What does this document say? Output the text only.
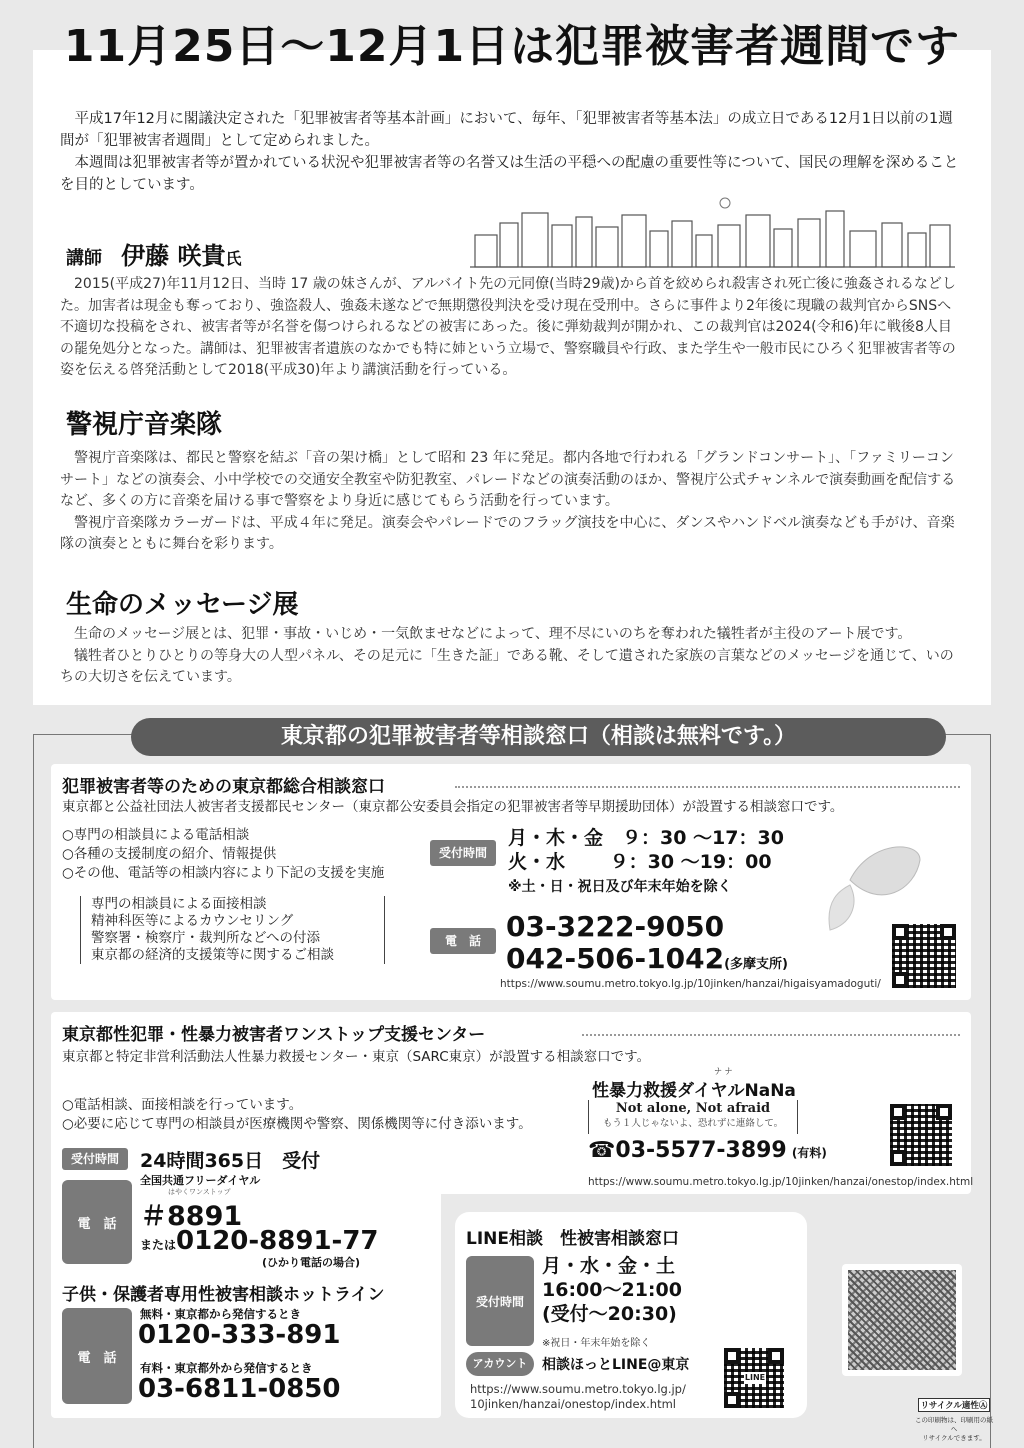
11月25日～12月1日は犯罪被害者週間です

平成17年12月に閣議決定された「犯罪被害者等基本計画」において、毎年、「犯罪被害者等基本法」の成立日である12月1日以前の1週間が「犯罪被害者週間」として定められました。

本週間は犯罪被害者等が置かれている状況や犯罪被害者等の名誉又は生活の平穏への配慮の重要性等について、国民の理解を深めることを目的としています。

講師 伊藤 咲貴氏

2015(平成27)年11月12日、当時 17 歳の妹さんが、アルバイト先の元同僚(当時29歳)から首を絞められ殺害され死亡後に強姦されるなどした。加害者は現金も奪っており、強盗殺人、強姦未遂などで無期懲役判決を受け現在受刑中。さらに事件より2年後に現職の裁判官からSNSへ不適切な投稿をされ、被害者等が名誉を傷つけられるなどの被害にあった。後に弾劾裁判が開かれ、この裁判官は2024(令和6)年に戦後8人目の罷免処分となった。講師は、犯罪被害者遺族のなかでも特に姉という立場で、警察職員や行政、また学生や一般市民にひろく犯罪被害者等の姿を伝える啓発活動として2018(平成30)年より講演活動を行っている。

警視庁音楽隊

警視庁音楽隊は、都民と警察を結ぶ「音の架け橋」として昭和 23 年に発足。都内各地で行われる「グランドコンサート」、「ファミリーコンサート」などの演奏会、小中学校での交通安全教室や防犯教室、パレードなどの演奏活動のほか、警視庁公式チャンネルで演奏動画を配信するなど、多くの方に音楽を届ける事で警察をより身近に感じてもらう活動を行っています。

警視庁音楽隊カラーガードは、平成４年に発足。演奏会やパレードでのフラッグ演技を中心に、ダンスやハンドベル演奏なども手がけ、音楽隊の演奏とともに舞台を彩ります。

生命のメッセージ展

生命のメッセージ展とは、犯罪・事故・いじめ・一気飲ませなどによって、理不尽にいのちを奪われた犠牲者が主役のアート展です。

犠牲者ひとりひとりの等身大の人型パネル、その足元に「生きた証」である靴、そして遺された家族の言葉などのメッセージを通じて、いのちの大切さを伝えています。

東京都の犯罪被害者等相談窓口（相談は無料です。）
犯罪被害者等のための東京都総合相談窓口
東京都と公益社団法人被害者支援都民センター（東京都公安委員会指定の犯罪被害者等早期援助団体）が設置する相談窓口です。
○専門の相談員による電話相談
○各種の支援制度の紹介、情報提供
○その他、電話等の相談内容により下記の支援を実施
専門の相談員による面接相談
精神科医等によるカウンセリング
警察署・検察庁・裁判所などへの付添
東京都の経済的支援策等に関するご相談
受付時間
月・木・金　９：30 ～17：30
火・水　　 ９：30 ～19：00
※土・日・祝日及び年末年始を除く
電　話 03-3222-9050
042-506-1042(多摩支所)
https://www.soumu.metro.tokyo.lg.jp/10jinken/hanzai/higaisyamadoguti/
東京都性犯罪・性暴力被害者ワンストップ支援センター
東京都と特定非営利活動法人性暴力救援センター・東京（SARC東京）が設置する相談窓口です。
○電話相談、面接相談を行っています。
○必要に応じて専門の相談員が医療機関や警察、関係機関等に付き添います。
ナ ナ
性暴力救援ダイヤルNaNa
Not alone, Not afraid
もう１人じゃないよ、恐れずに連絡して。
☎03-5577-3899 (有料)
https://www.soumu.metro.tokyo.lg.jp/10jinken/hanzai/onestop/index.html
受付時間	24時間365日　受付
電　話
全国共通フリーダイヤル
はやくワンストップ
＃8891
または0120-8891-77
(ひかり電話の場合)
子供・保護者専用性被害相談ホットライン
電　話
無料・東京都から発信するとき
0120-333-891
有料・東京都外から発信するとき
03-6811-0850
LINE相談　性被害相談窓口
受付時間
月・水・金・土
16:00～21:00
(受付～20:30)
※祝日・年末年始を除く
アカウント	相談ほっとLINE@東京
https://www.soumu.metro.tokyo.lg.jp/
10jinken/hanzai/onestop/index.html
LINE
リサイクル適性Ⓐ
この印刷物は、印刷用の紙へ
リサイクルできます。
